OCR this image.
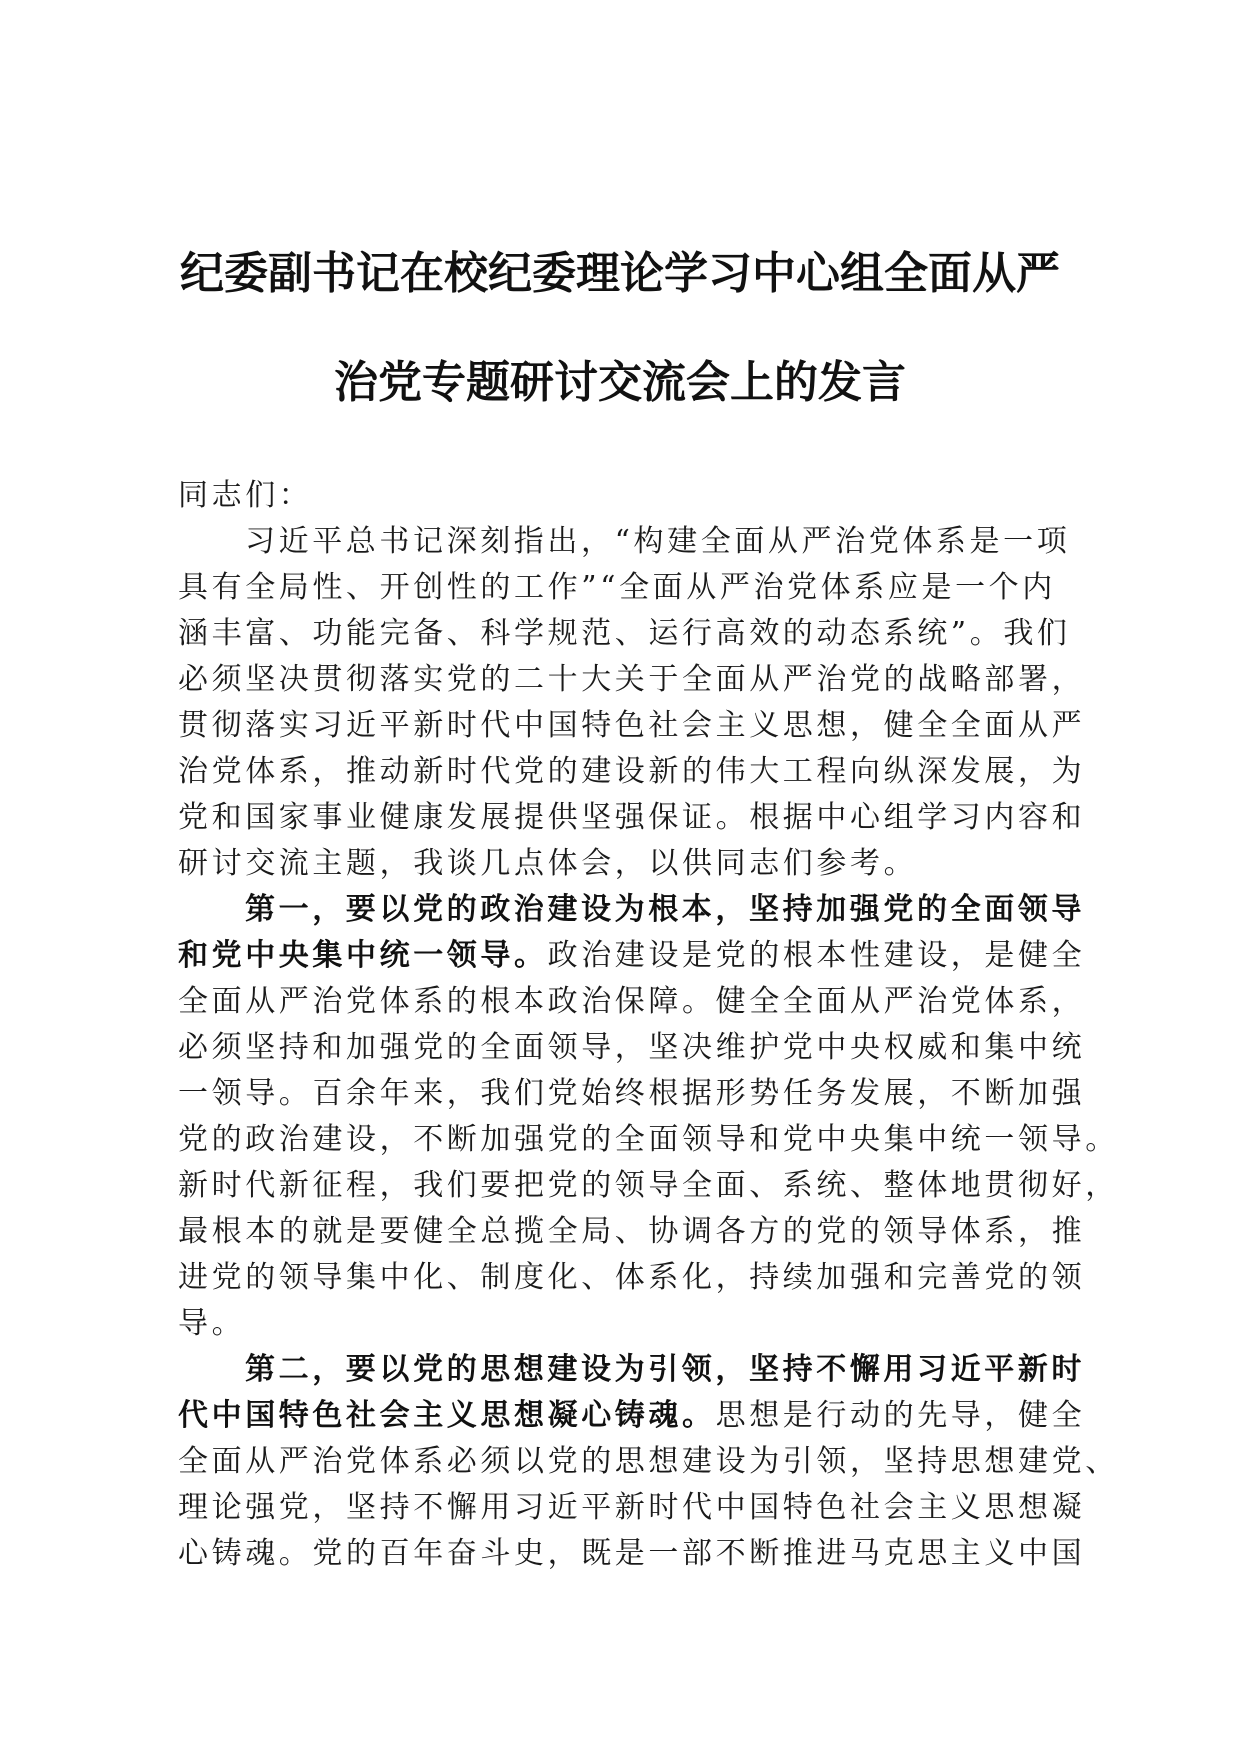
纪委副书记在校纪委理论学习中心组全面从严
治党专题研讨交流会上的发言
同志们：
习近平总书记深刻指出，“构建全面从严治党体系是一项
具有全局性、开创性的工作”“全面从严治党体系应是一个内
涵丰富、功能完备、科学规范、运行高效的动态系统”。我们
必须坚决贯彻落实党的二十大关于全面从严治党的战略部署，
贯彻落实习近平新时代中国特色社会主义思想，健全全面从严
治党体系，推动新时代党的建设新的伟大工程向纵深发展，为
党和国家事业健康发展提供坚强保证。根据中心组学习内容和
研讨交流主题，我谈几点体会，以供同志们参考。
第一，要以党的政治建设为根本，坚持加强党的全面领导
和党中央集中统一领导。政治建设是党的根本性建设，是健全
全面从严治党体系的根本政治保障。健全全面从严治党体系，
必须坚持和加强党的全面领导，坚决维护党中央权威和集中统
一领导。百余年来，我们党始终根据形势任务发展，不断加强
党的政治建设，不断加强党的全面领导和党中央集中统一领导。
新时代新征程，我们要把党的领导全面、系统、整体地贯彻好，
最根本的就是要健全总揽全局、协调各方的党的领导体系，推
进党的领导集中化、制度化、体系化，持续加强和完善党的领
导。
第二，要以党的思想建设为引领，坚持不懈用习近平新时
代中国特色社会主义思想凝心铸魂。思想是行动的先导，健全
全面从严治党体系必须以党的思想建设为引领，坚持思想建党、
理论强党，坚持不懈用习近平新时代中国特色社会主义思想凝
心铸魂。党的百年奋斗史，既是一部不断推进马克思主义中国
